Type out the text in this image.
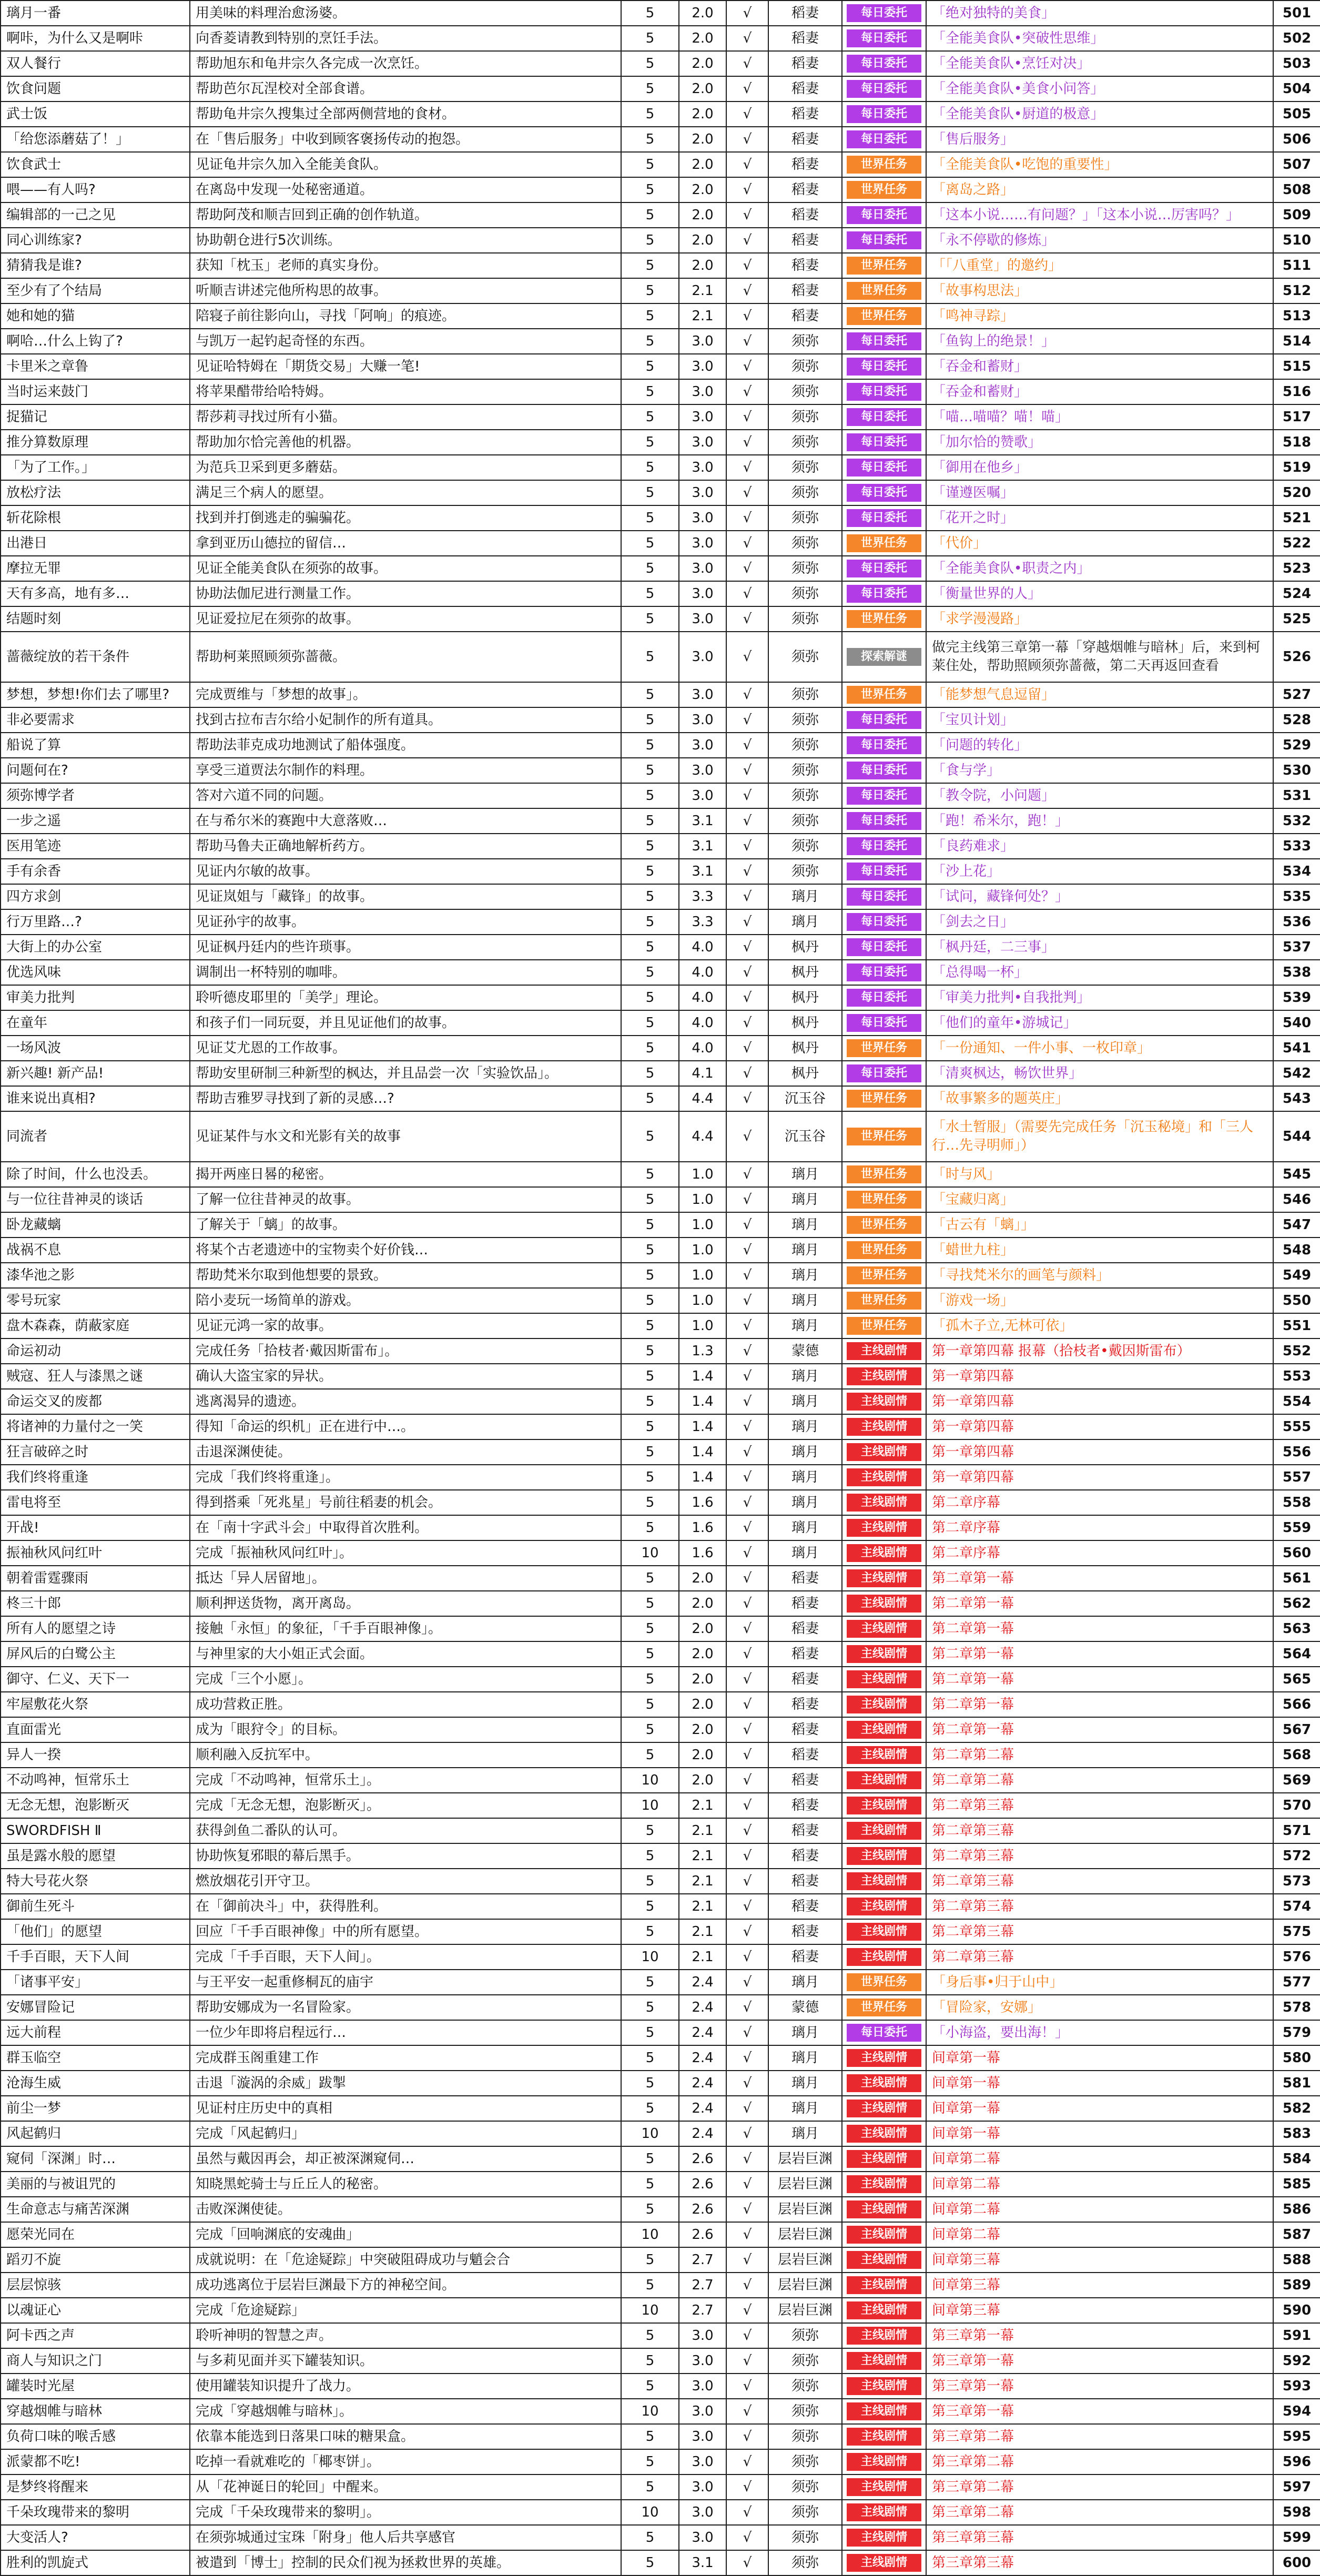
璃月一番	用美味的料理治愈汤婆。	5	2.0	√	稻妻	每日委托	「绝对独特的美食」	501
啊咔，为什么又是啊咔	向香菱请教到特别的烹饪手法。	5	2.0	√	稻妻	每日委托	「全能美食队•突破性思维」	502
双人餐行	帮助旭东和龟井宗久各完成一次烹饪。	5	2.0	√	稻妻	每日委托	「全能美食队•烹饪对决」	503
饮食问题	帮助芭尔瓦涅校对全部食谱。	5	2.0	√	稻妻	每日委托	「全能美食队•美食小问答」	504
武士饭	帮助龟井宗久搜集过全部两侧营地的食材。	5	2.0	√	稻妻	每日委托	「全能美食队•厨道的极意」	505
「给您添蘑菇了！」	在「售后服务」中收到顾客褒扬传动的抱怨。	5	2.0	√	稻妻	每日委托	「售后服务」	506
饮食武士	见证龟井宗久加入全能美食队。	5	2.0	√	稻妻	世界任务	「全能美食队•吃饱的重要性」	507
喂——有人吗?	在离岛中发现一处秘密通道。	5	2.0	√	稻妻	世界任务	「离岛之路」	508
编辑部的一己之见	帮助阿茂和顺吉回到正确的创作轨道。	5	2.0	√	稻妻	每日委托	「这本小说……有问题？」「这本小说…厉害吗？」	509
同心训练家?	协助朝仓进行5次训练。	5	2.0	√	稻妻	每日委托	「永不停歇的修炼」	510
猜猜我是谁?	获知「枕玉」老师的真实身份。	5	2.0	√	稻妻	世界任务	「「八重堂」的邀约」	511
至少有了个结局	听顺吉讲述完他所构思的故事。	5	2.1	√	稻妻	世界任务	「故事构思法」	512
她和她的猫	陪寝子前往影向山，寻找「阿响」的痕迹。	5	2.1	√	稻妻	世界任务	「鸣神寻踪」	513
啊哈…什么上钩了?	与凯万一起钓起奇怪的东西。	5	3.0	√	须弥	每日委托	「鱼钩上的绝景！」	514
卡里米之章鲁	见证哈特姆在「期货交易」大赚一笔!	5	3.0	√	须弥	每日委托	「吞金和蓄财」	515
当时运来鼓门	将苹果醋带给哈特姆。	5	3.0	√	须弥	每日委托	「吞金和蓄财」	516
捉猫记	帮莎莉寻找过所有小猫。	5	3.0	√	须弥	每日委托	「喵…喵喵？喵！喵」	517
推分算数原理	帮助加尔恰完善他的机器。	5	3.0	√	须弥	每日委托	「加尔恰的赞歌」	518
「为了工作。」	为范兵卫采到更多蘑菇。	5	3.0	√	须弥	每日委托	「御用在他乡」	519
放松疗法	满足三个病人的愿望。	5	3.0	√	须弥	每日委托	「谨遵医嘱」	520
斩花除根	找到并打倒逃走的骗骗花。	5	3.0	√	须弥	每日委托	「花开之时」	521
出港日	拿到亚历山德拉的留信…	5	3.0	√	须弥	世界任务	「代价」	522
摩拉无罪	见证全能美食队在须弥的故事。	5	3.0	√	须弥	每日委托	「全能美食队•职责之内」	523
天有多高，地有多…	协助法伽尼进行测量工作。	5	3.0	√	须弥	每日委托	「衡量世界的人」	524
结题时刻	见证爱拉尼在须弥的故事。	5	3.0	√	须弥	世界任务	「求学漫漫路」	525
蔷薇绽放的若干条件	帮助柯莱照顾须弥蔷薇。	5	3.0	√	须弥	探索解谜	做完主线第三章第一幕「穿越烟帷与暗林」后，来到柯莱住处，帮助照顾须弥蔷薇，第二天再返回查看	526
梦想，梦想!你们去了哪里?	完成贾维与「梦想的故事」。	5	3.0	√	须弥	世界任务	「能梦想气息逗留」	527
非必要需求	找到古拉布吉尔给小妃制作的所有道具。	5	3.0	√	须弥	每日委托	「宝贝计划」	528
船说了算	帮助法菲克成功地测试了船体强度。	5	3.0	√	须弥	每日委托	「问题的转化」	529
问题何在?	享受三道贾法尔制作的料理。	5	3.0	√	须弥	每日委托	「食与学」	530
须弥博学者	答对六道不同的问题。	5	3.0	√	须弥	每日委托	「教令院，小问题」	531
一步之遥	在与希尔米的赛跑中大意落败…	5	3.1	√	须弥	每日委托	「跑！希米尔，跑！」	532
医用笔迹	帮助马鲁夫正确地解析药方。	5	3.1	√	须弥	每日委托	「良药难求」	533
手有余香	见证内尔敏的故事。	5	3.1	√	须弥	每日委托	「沙上花」	534
四方求剑	见证岚姐与「藏锋」的故事。	5	3.3	√	璃月	每日委托	「试问，藏锋何处？」	535
行万里路…?	见证孙宇的故事。	5	3.3	√	璃月	每日委托	「剑去之日」	536
大街上的办公室	见证枫丹廷内的些许琐事。	5	4.0	√	枫丹	每日委托	「枫丹廷，二三事」	537
优选风味	调制出一杯特别的咖啡。	5	4.0	√	枫丹	每日委托	「总得喝一杯」	538
审美力批判	聆听德皮耶里的「美学」理论。	5	4.0	√	枫丹	每日委托	「审美力批判•自我批判」	539
在童年	和孩子们一同玩耍，并且见证他们的故事。	5	4.0	√	枫丹	每日委托	「他们的童年•游城记」	540
一场风波	见证艾尤恩的工作故事。	5	4.0	√	枫丹	世界任务	「一份通知、一件小事、一枚印章」	541
新兴趣! 新产品!	帮助安里研制三种新型的枫达，并且品尝一次「实验饮品」。	5	4.1	√	枫丹	每日委托	「清爽枫达，畅饮世界」	542
谁来说出真相?	帮助吉雅罗寻找到了新的灵感…?	5	4.4	√	沉玉谷	世界任务	「故事繁多的题英庄」	543
同流者	见证某件与水文和光影有关的故事	5	4.4	√	沉玉谷	世界任务	「水土暂服」（需要先完成任务「沉玉秘境」和「三人行…先寻明师」）	544
除了时间，什么也没丢。	揭开两座日晷的秘密。	5	1.0	√	璃月	世界任务	「时与风」	545
与一位往昔神灵的谈话	了解一位往昔神灵的故事。	5	1.0	√	璃月	世界任务	「宝藏归离」	546
卧龙藏螭	了解关于「螭」的故事。	5	1.0	√	璃月	世界任务	「古云有「螭」」	547
战祸不息	将某个古老遗迹中的宝物卖个好价钱…	5	1.0	√	璃月	世界任务	「蜡世九柱」	548
漆华池之影	帮助梵米尔取到他想要的景致。	5	1.0	√	璃月	世界任务	「寻找梵米尔的画笔与颜料」	549
零号玩家	陪小麦玩一场简单的游戏。	5	1.0	√	璃月	世界任务	「游戏一场」	550
盘木森森，荫蔽家庭	见证元鸿一家的故事。	5	1.0	√	璃月	世界任务	「孤木子立,无林可依」	551
命运初动	完成任务「拾枝者·戴因斯雷布」。	5	1.3	√	蒙德	主线剧情	第一章第四幕 报幕（拾枝者•戴因斯雷布）	552
贼寇、狂人与漆黑之谜	确认大盗宝家的异状。	5	1.4	√	璃月	主线剧情	第一章第四幕	553
命运交叉的废都	逃离渴异的遗迹。	5	1.4	√	璃月	主线剧情	第一章第四幕	554
将诸神的力量付之一笑	得知「命运的织机」正在进行中…。	5	1.4	√	璃月	主线剧情	第一章第四幕	555
狂言破碎之时	击退深渊使徒。	5	1.4	√	璃月	主线剧情	第一章第四幕	556
我们终将重逢	完成「我们终将重逢」。	5	1.4	√	璃月	主线剧情	第一章第四幕	557
雷电将至	得到搭乘「死兆星」号前往稻妻的机会。	5	1.6	√	璃月	主线剧情	第二章序幕	558
开战!	在「南十字武斗会」中取得首次胜利。	5	1.6	√	璃月	主线剧情	第二章序幕	559
振袖秋风问红叶	完成「振袖秋风问红叶」。	10	1.6	√	璃月	主线剧情	第二章序幕	560
朝着雷霆骤雨	抵达「异人居留地」。	5	2.0	√	稻妻	主线剧情	第二章第一幕	561
柊三十郎	顺利押送货物，离开离岛。	5	2.0	√	稻妻	主线剧情	第二章第一幕	562
所有人的愿望之诗	接触「永恒」的象征，「千手百眼神像」。	5	2.0	√	稻妻	主线剧情	第二章第一幕	563
屏风后的白鹭公主	与神里家的大小姐正式会面。	5	2.0	√	稻妻	主线剧情	第二章第一幕	564
御守、仁义、天下一	完成「三个小愿」。	5	2.0	√	稻妻	主线剧情	第二章第一幕	565
牢屋敷花火祭	成功营救正胜。	5	2.0	√	稻妻	主线剧情	第二章第一幕	566
直面雷光	成为「眼狩令」的目标。	5	2.0	√	稻妻	主线剧情	第二章第一幕	567
异人一揆	顺利融入反抗军中。	5	2.0	√	稻妻	主线剧情	第二章第二幕	568
不动鸣神，恒常乐土	完成「不动鸣神，恒常乐土」。	10	2.0	√	稻妻	主线剧情	第二章第二幕	569
无念无想，泡影断灭	完成「无念无想，泡影断灭」。	10	2.1	√	稻妻	主线剧情	第二章第三幕	570
SWORDFISH Ⅱ	获得剑鱼二番队的认可。	5	2.1	√	稻妻	主线剧情	第二章第三幕	571
虽是露水般的愿望	协助恢复邪眼的幕后黑手。	5	2.1	√	稻妻	主线剧情	第二章第三幕	572
特大号花火祭	燃放烟花引开守卫。	5	2.1	√	稻妻	主线剧情	第二章第三幕	573
御前生死斗	在「御前决斗」中，获得胜利。	5	2.1	√	稻妻	主线剧情	第二章第三幕	574
「他们」的愿望	回应「千手百眼神像」中的所有愿望。	5	2.1	√	稻妻	主线剧情	第二章第三幕	575
千手百眼，天下人间	完成「千手百眼，天下人间」。	10	2.1	√	稻妻	主线剧情	第二章第三幕	576
「诸事平安」	与王平安一起重修桐瓦的庙宇	5	2.4	√	璃月	世界任务	「身后事•归于山中」	577
安娜冒险记	帮助安娜成为一名冒险家。	5	2.4	√	蒙德	世界任务	「冒险家，安娜」	578
远大前程	一位少年即将启程远行…	5	2.4	√	璃月	每日委托	「小海盗，要出海！」	579
群玉临空	完成群玉阁重建工作	5	2.4	√	璃月	主线剧情	间章第一幕	580
沧海生威	击退「漩涡的余威」跋掣	5	2.4	√	璃月	主线剧情	间章第一幕	581
前尘一梦	见证村庄历史中的真相	5	2.4	√	璃月	主线剧情	间章第一幕	582
风起鹤归	完成「风起鹤归」	10	2.4	√	璃月	主线剧情	间章第一幕	583
窥伺「深渊」时…	虽然与戴因再会，却正被深渊窥伺…	5	2.6	√	层岩巨渊	主线剧情	间章第二幕	584
美丽的与被诅咒的	知晓黑蛇骑士与丘丘人的秘密。	5	2.6	√	层岩巨渊	主线剧情	间章第二幕	585
生命意志与痛苦深渊	击败深渊使徒。	5	2.6	√	层岩巨渊	主线剧情	间章第二幕	586
愿荣光同在	完成「回响渊底的安魂曲」	10	2.6	√	层岩巨渊	主线剧情	间章第二幕	587
蹈刃不旋	成就说明：在「危途疑踪」中突破阻碍成功与魈会合	5	2.7	√	层岩巨渊	主线剧情	间章第三幕	588
层层惊骇	成功逃离位于层岩巨渊最下方的神秘空间。	5	2.7	√	层岩巨渊	主线剧情	间章第三幕	589
以魂证心	完成「危途疑踪」	10	2.7	√	层岩巨渊	主线剧情	间章第三幕	590
阿卡西之声	聆听神明的智慧之声。	5	3.0	√	须弥	主线剧情	第三章第一幕	591
商人与知识之门	与多莉见面并买下罐装知识。	5	3.0	√	须弥	主线剧情	第三章第一幕	592
罐装时光屋	使用罐装知识提升了战力。	5	3.0	√	须弥	主线剧情	第三章第一幕	593
穿越烟帷与暗林	完成「穿越烟帷与暗林」。	10	3.0	√	须弥	主线剧情	第三章第一幕	594
负荷口味的喉舌感	依靠本能选到日落果口味的糖果盒。	5	3.0	√	须弥	主线剧情	第三章第二幕	595
派蒙都不吃!	吃掉一看就难吃的「椰枣饼」。	5	3.0	√	须弥	主线剧情	第三章第二幕	596
是梦终将醒来	从「花神诞日的轮回」中醒来。	5	3.0	√	须弥	主线剧情	第三章第二幕	597
千朵玫瑰带来的黎明	完成「千朵玫瑰带来的黎明」。	10	3.0	√	须弥	主线剧情	第三章第二幕	598
大变活人?	在须弥城通过宝珠「附身」他人后共享感官	5	3.0	√	须弥	主线剧情	第三章第三幕	599
胜利的凯旋式	被遣到「博士」控制的民众们视为拯救世界的英雄。	5	3.1	√	须弥	主线剧情	第三章第三幕	600
